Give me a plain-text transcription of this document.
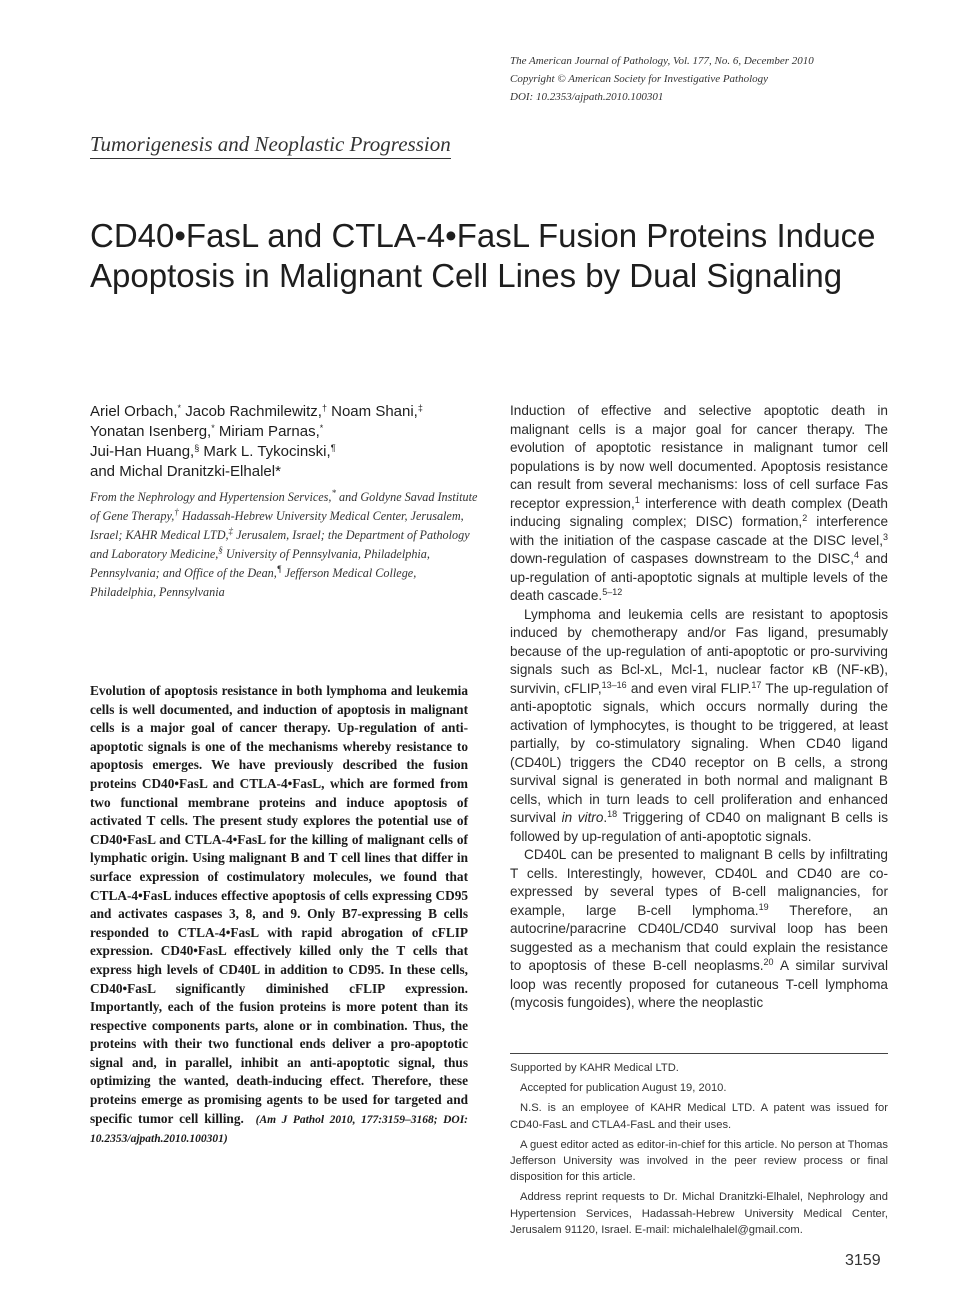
The American Journal of Pathology, Vol. 177, No. 6, December 2010
Copyright © American Society for Investigative Pathology
DOI: 10.2353/ajpath.2010.100301
Tumorigenesis and Neoplastic Progression
CD40•FasL and CTLA-4•FasL Fusion Proteins Induce
Apoptosis in Malignant Cell Lines by Dual Signaling
Ariel Orbach,* Jacob Rachmilewitz,† Noam Shani,‡
Yonatan Isenberg,* Miriam Parnas,*
Jui-Han Huang,§ Mark L. Tykocinski,¶
and Michal Dranitzki-Elhalel*
From the Nephrology and Hypertension Services,* and Goldyne Savad Institute of Gene Therapy,† Hadassah-Hebrew University Medical Center, Jerusalem, Israel; KAHR Medical LTD,‡ Jerusalem, Israel; the Department of Pathology and Laboratory Medicine,§ University of Pennsylvania, Philadelphia, Pennsylvania; and Office of the Dean,¶ Jefferson Medical College, Philadelphia, Pennsylvania
Evolution of apoptosis resistance in both lymphoma and leukemia cells is well documented, and induction of apoptosis in malignant cells is a major goal of cancer therapy. Up-regulation of anti-apoptotic signals is one of the mechanisms whereby resistance to apoptosis emerges. We have previously described the fusion proteins CD40•FasL and CTLA-4•FasL, which are formed from two functional membrane proteins and induce apoptosis of activated T cells. The present study explores the potential use of CD40•FasL and CTLA-4•FasL for the killing of malignant cells of lymphatic origin. Using malignant B and T cell lines that differ in surface expression of costimulatory molecules, we found that CTLA-4•FasL induces effective apoptosis of cells expressing CD95 and activates caspases 3, 8, and 9. Only B7-expressing B cells responded to CTLA-4•FasL with rapid abrogation of cFLIP expression. CD40•FasL effectively killed only the T cells that express high levels of CD40L in addition to CD95. In these cells, CD40•FasL significantly diminished cFLIP expression. Importantly, each of the fusion proteins is more potent than its respective components parts, alone or in combination. Thus, the proteins with their two functional ends deliver a pro-apoptotic signal and, in parallel, inhibit an anti-apoptotic signal, thus optimizing the wanted, death-inducing effect. Therefore, these proteins emerge as promising agents to be used for targeted and specific tumor cell killing. (Am J Pathol 2010, 177:3159–3168; DOI: 10.2353/ajpath.2010.100301)

Induction of effective and selective apoptotic death in malignant cells is a major goal for cancer therapy. The evolution of apoptotic resistance in malignant tumor cell populations is by now well documented. Apoptosis resistance can result from several mechanisms: loss of cell surface Fas receptor expression,$^1$ interference with death complex (Death inducing signaling complex; DISC) formation,$^2$ interference with the initiation of the caspase cascade at the DISC level,$^3$ down-regulation of caspases downstream to the DISC,$^4$ and up-regulation of anti-apoptotic signals at multiple levels of the death cascade.$^{5-12}$

Lymphoma and leukemia cells are resistant to apoptosis induced by chemotherapy and/or Fas ligand, presumably because of the up-regulation of anti-apoptotic or pro-surviving signals such as Bcl-xL, Mcl-1, nuclear factor κB (NF-κB), survivin, cFLIP,$^{13-16}$ and even viral FLIP.$^{17}$ The up-regulation of anti-apoptotic signals, which occurs normally during the activation of lymphocytes, is thought to be triggered, at least partially, by co-stimulatory signaling. When CD40 ligand (CD40L) triggers the CD40 receptor on B cells, a strong survival signal is generated in both normal and malignant B cells, which in turn leads to cell proliferation and enhanced survival in vitro.$^{18}$ Triggering of CD40 on malignant B cells is followed by up-regulation of anti-apoptotic signals.

CD40L can be presented to malignant B cells by infiltrating T cells. Interestingly, however, CD40L and CD40 are co-expressed by several types of B-cell malignancies, for example, large B-cell lymphoma.$^{19}$ Therefore, an autocrine/paracrine CD40L/CD40 survival loop has been suggested as a mechanism that could explain the resistance to apoptosis of these B-cell neoplasms.$^{20}$ A similar survival loop was recently proposed for cutaneous T-cell lymphoma (mycosis fungoides), where the neoplastic

Supported by KAHR Medical LTD.

Accepted for publication August 19, 2010.

N.S. is an employee of KAHR Medical LTD. A patent was issued for CD40-FasL and CTLA4-FasL and their uses.

A guest editor acted as editor-in-chief for this article. No person at Thomas Jefferson University was involved in the peer review process or final disposition for this article.

Address reprint requests to Dr. Michal Dranitzki-Elhalel, Nephrology and Hypertension Services, Hadassah-Hebrew University Medical Center, Jerusalem 91120, Israel. E-mail: michalelhalel@gmail.com.

3159
